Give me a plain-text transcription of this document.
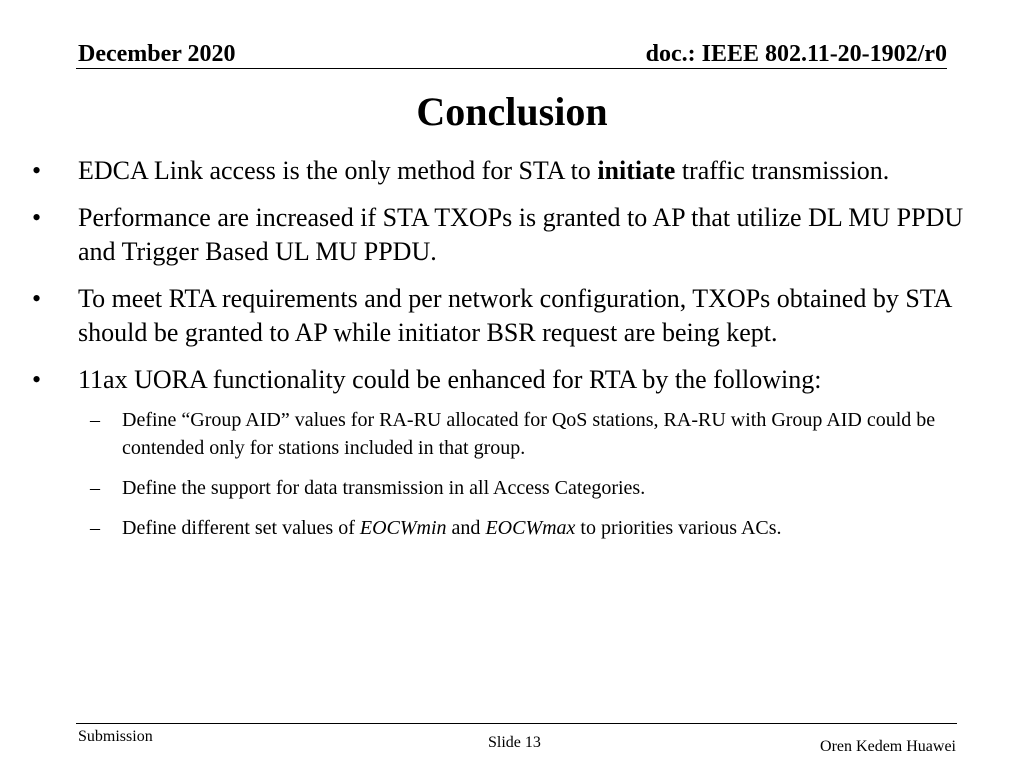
December 2020	doc.: IEEE 802.11-20-1902/r0
Conclusion
• EDCA Link access is the only method for STA to initiate traffic transmission.
• Performance are increased if STA TXOPs is granted to AP that utilize DL MU PPDU and Trigger Based UL MU PPDU.
• To meet RTA requirements and per network configuration, TXOPs obtained by STA should be granted to AP while initiator BSR request are being kept.
• 11ax UORA functionality could be enhanced for RTA by the following:
– Define “Group AID” values for RA-RU allocated for QoS stations, RA-RU with Group AID could be contended only for stations included in that group.
– Define the support for data transmission in all Access Categories.
– Define different set values of EOCWmin and EOCWmax to priorities various ACs.
Submission	Slide 13	Oren Kedem Huawei
